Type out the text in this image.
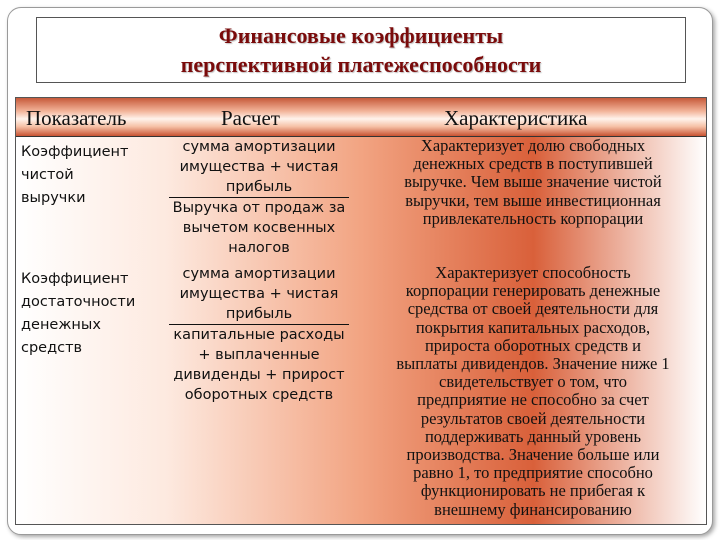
Финансовые коэффициенты
перспективной платежеспособности
Показатель	Расчет	Характеристика
Коэффициент
чистой
выручки
сумма амортизации
имущества + чистая
прибыль
Выручка от продаж за
вычетом косвенных
налогов
Характеризует долю свободных
денежных средств в поступившей
выручке. Чем выше значение чистой
выручки, тем выше инвестиционная
привлекательность корпорации
Коэффициент
достаточности
денежных
средств
сумма амортизации
имущества + чистая
прибыль
капитальные расходы
+ выплаченные
дивиденды + прирост
оборотных средств
Характеризует способность
корпорации генерировать денежные
средства от своей деятельности для
покрытия капитальных расходов,
прироста оборотных средств и
выплаты дивидендов. Значение ниже 1
свидетельствует о том, что
предприятие не способно за счет
результатов своей деятельности
поддерживать данный уровень
производства. Значение больше или
равно 1, то предприятие способно
функционировать не прибегая к
внешнему финансированию
